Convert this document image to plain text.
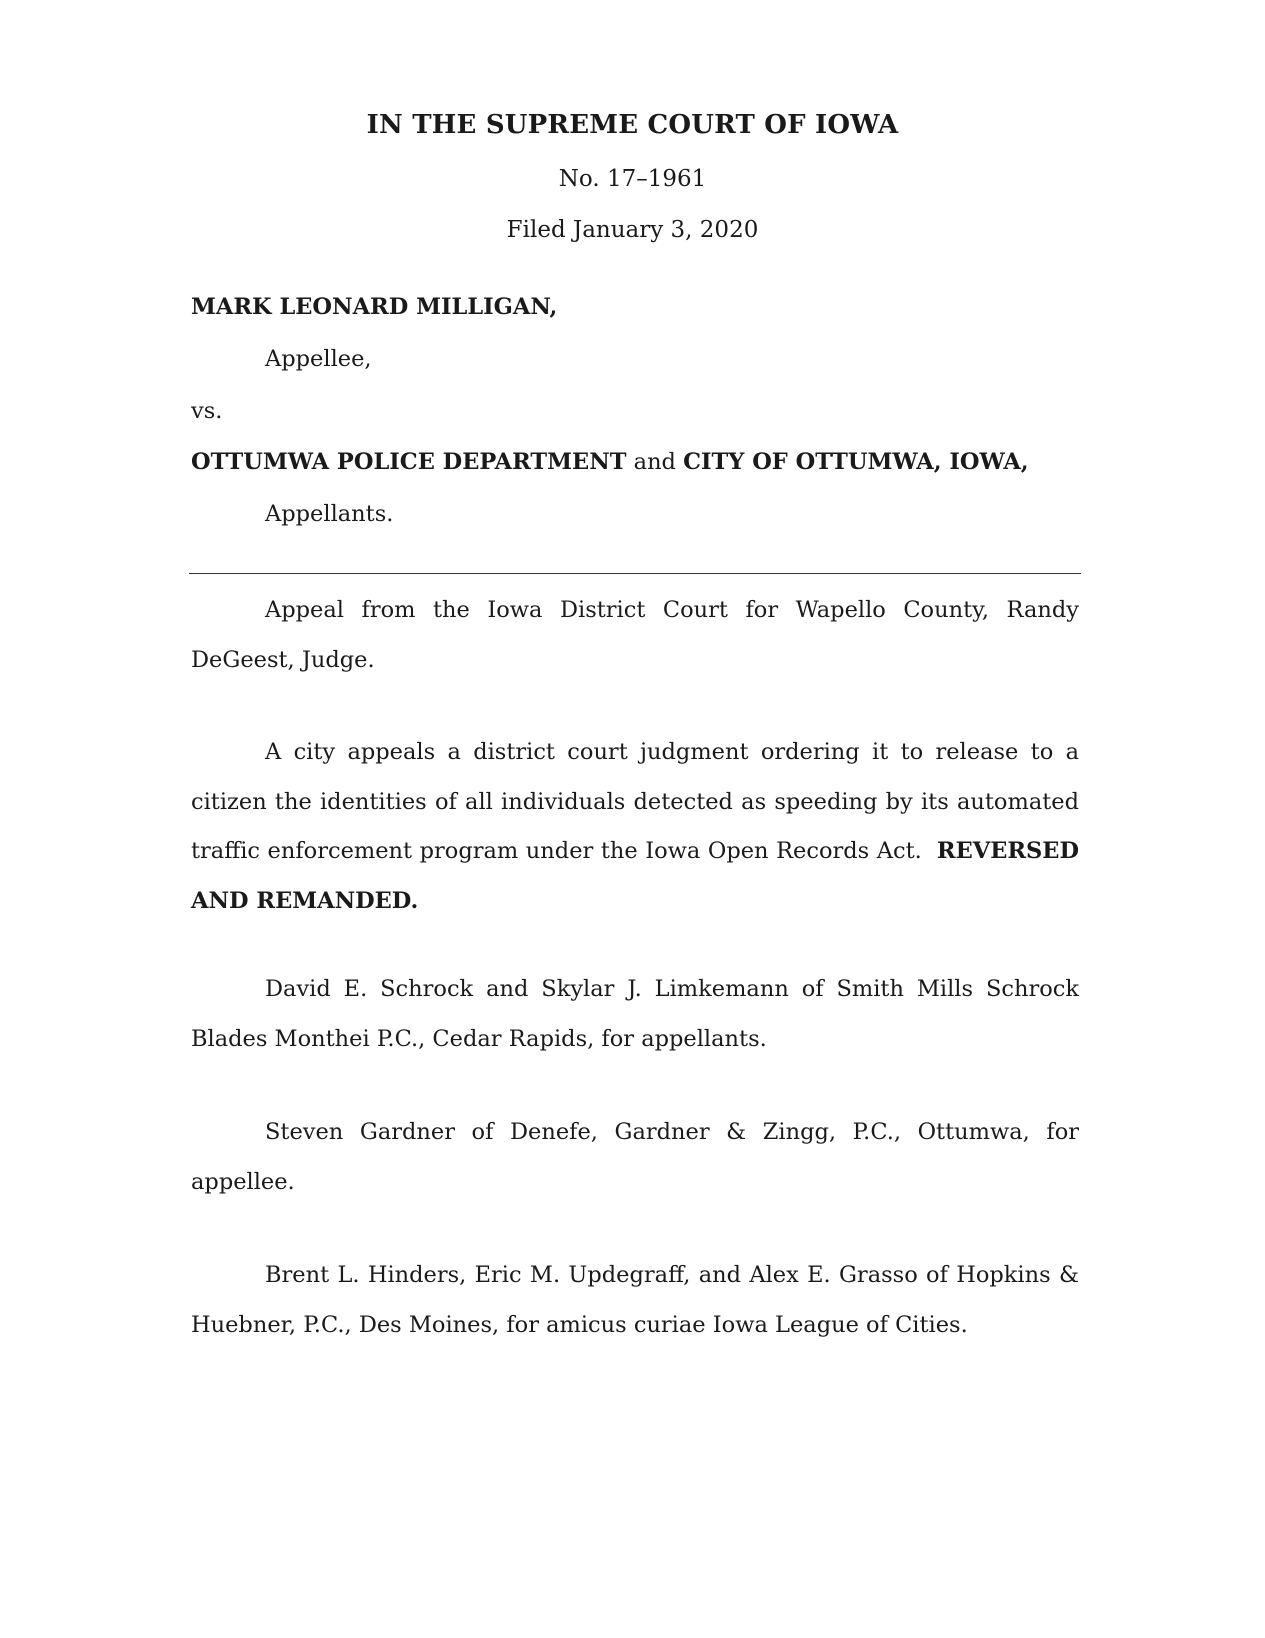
IN THE SUPREME COURT OF IOWA
No. 17–1961
Filed January 3, 2020
MARK LEONARD MILLIGAN,
Appellee,
vs.
OTTUMWA POLICE DEPARTMENT and CITY OF OTTUMWA, IOWA,
Appellants.
Appeal from the Iowa District Court for Wapello County, Randy DeGeest, Judge.
A city appeals a district court judgment ordering it to release to a citizen the identities of all individuals detected as speeding by its automated traffic enforcement program under the Iowa Open Records Act. REVERSED AND REMANDED.
David E. Schrock and Skylar J. Limkemann of Smith Mills Schrock Blades Monthei P.C., Cedar Rapids, for appellants.
Steven Gardner of Denefe, Gardner & Zingg, P.C., Ottumwa, for appellee.
Brent L. Hinders, Eric M. Updegraff, and Alex E. Grasso of Hopkins & Huebner, P.C., Des Moines, for amicus curiae Iowa League of Cities.
